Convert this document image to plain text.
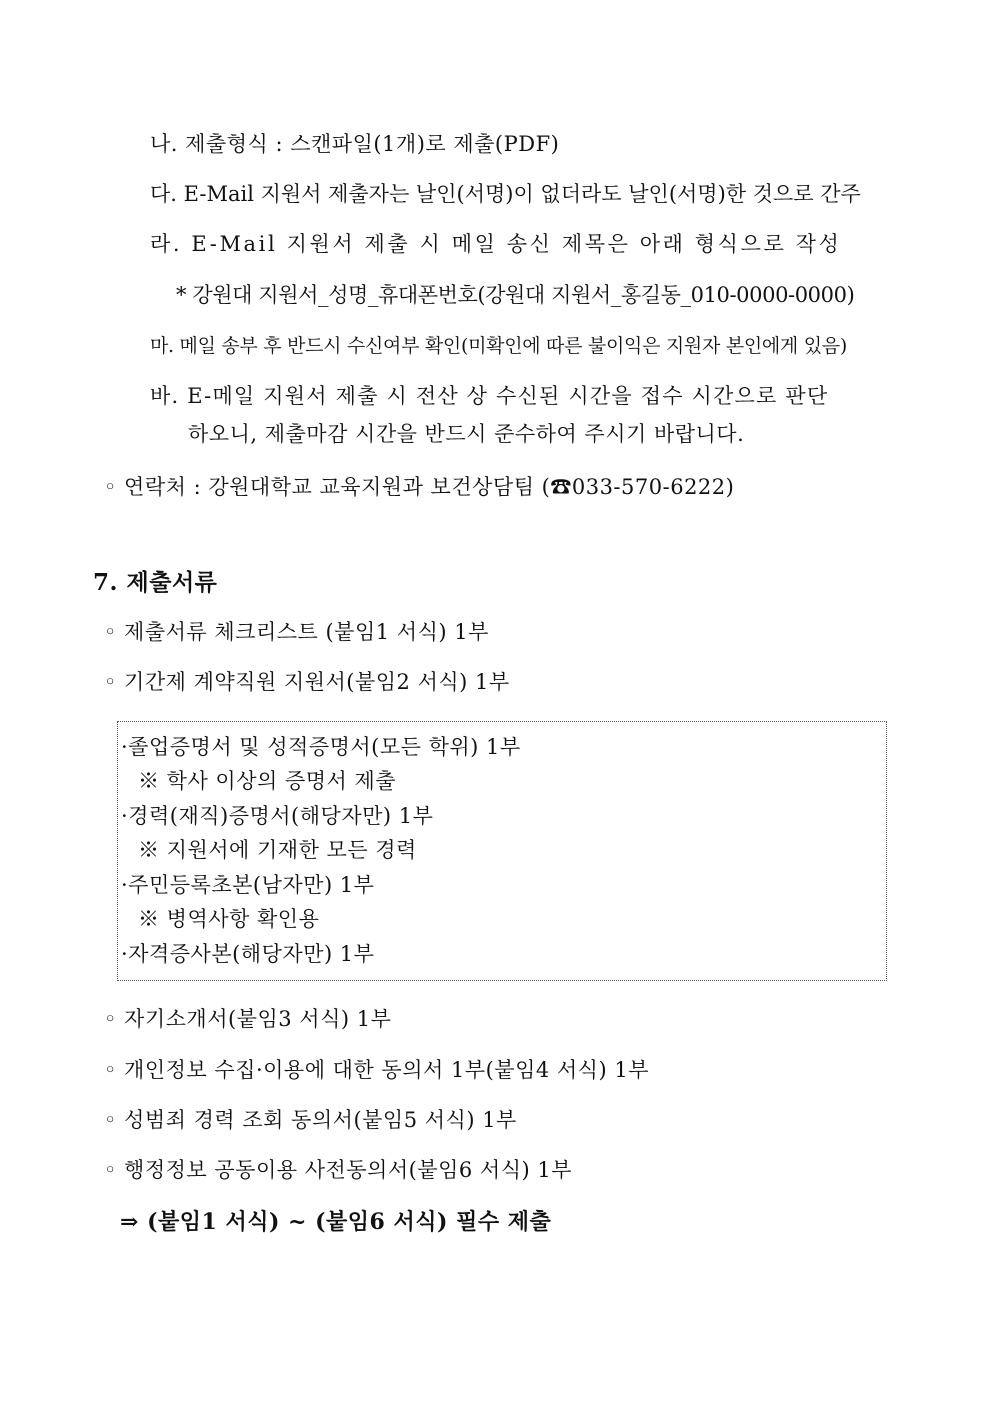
나. 제출형식 : 스캔파일(1개)로 제출(PDF)
다. E-Mail 지원서 제출자는 날인(서명)이 없더라도 날인(서명)한 것으로 간주
라. E-Mail 지원서 제출 시 메일 송신 제목은 아래 형식으로 작성
* 강원대 지원서_성명_휴대폰번호(강원대 지원서_홍길동_010-0000-0000)
마. 메일 송부 후 반드시 수신여부 확인(미확인에 따른 불이익은 지원자 본인에게 있음)
바. E-메일 지원서 제출 시 전산 상 수신된 시간을 접수 시간으로 판단
하오니, 제출마감 시간을 반드시 준수하여 주시기 바랍니다.
◦ 연락처 : 강원대학교 교육지원과 보건상담팀 (☎033-570-6222)
7. 제출서류
◦ 제출서류 체크리스트 (붙임1 서식) 1부
◦ 기간제 계약직원 지원서(붙임2 서식) 1부
·졸업증명서 및 성적증명서(모든 학위) 1부
※ 학사 이상의 증명서 제출
·경력(재직)증명서(해당자만) 1부
※ 지원서에 기재한 모든 경력
·주민등록초본(남자만) 1부
※ 병역사항 확인용
·자격증사본(해당자만) 1부
◦ 자기소개서(붙임3 서식) 1부
◦ 개인정보 수집·이용에 대한 동의서 1부(붙임4 서식) 1부
◦ 성범죄 경력 조회 동의서(붙임5 서식) 1부
◦ 행정정보 공동이용 사전동의서(붙임6 서식) 1부
⇒ (붙임1 서식) ~ (붙임6 서식) 필수 제출
